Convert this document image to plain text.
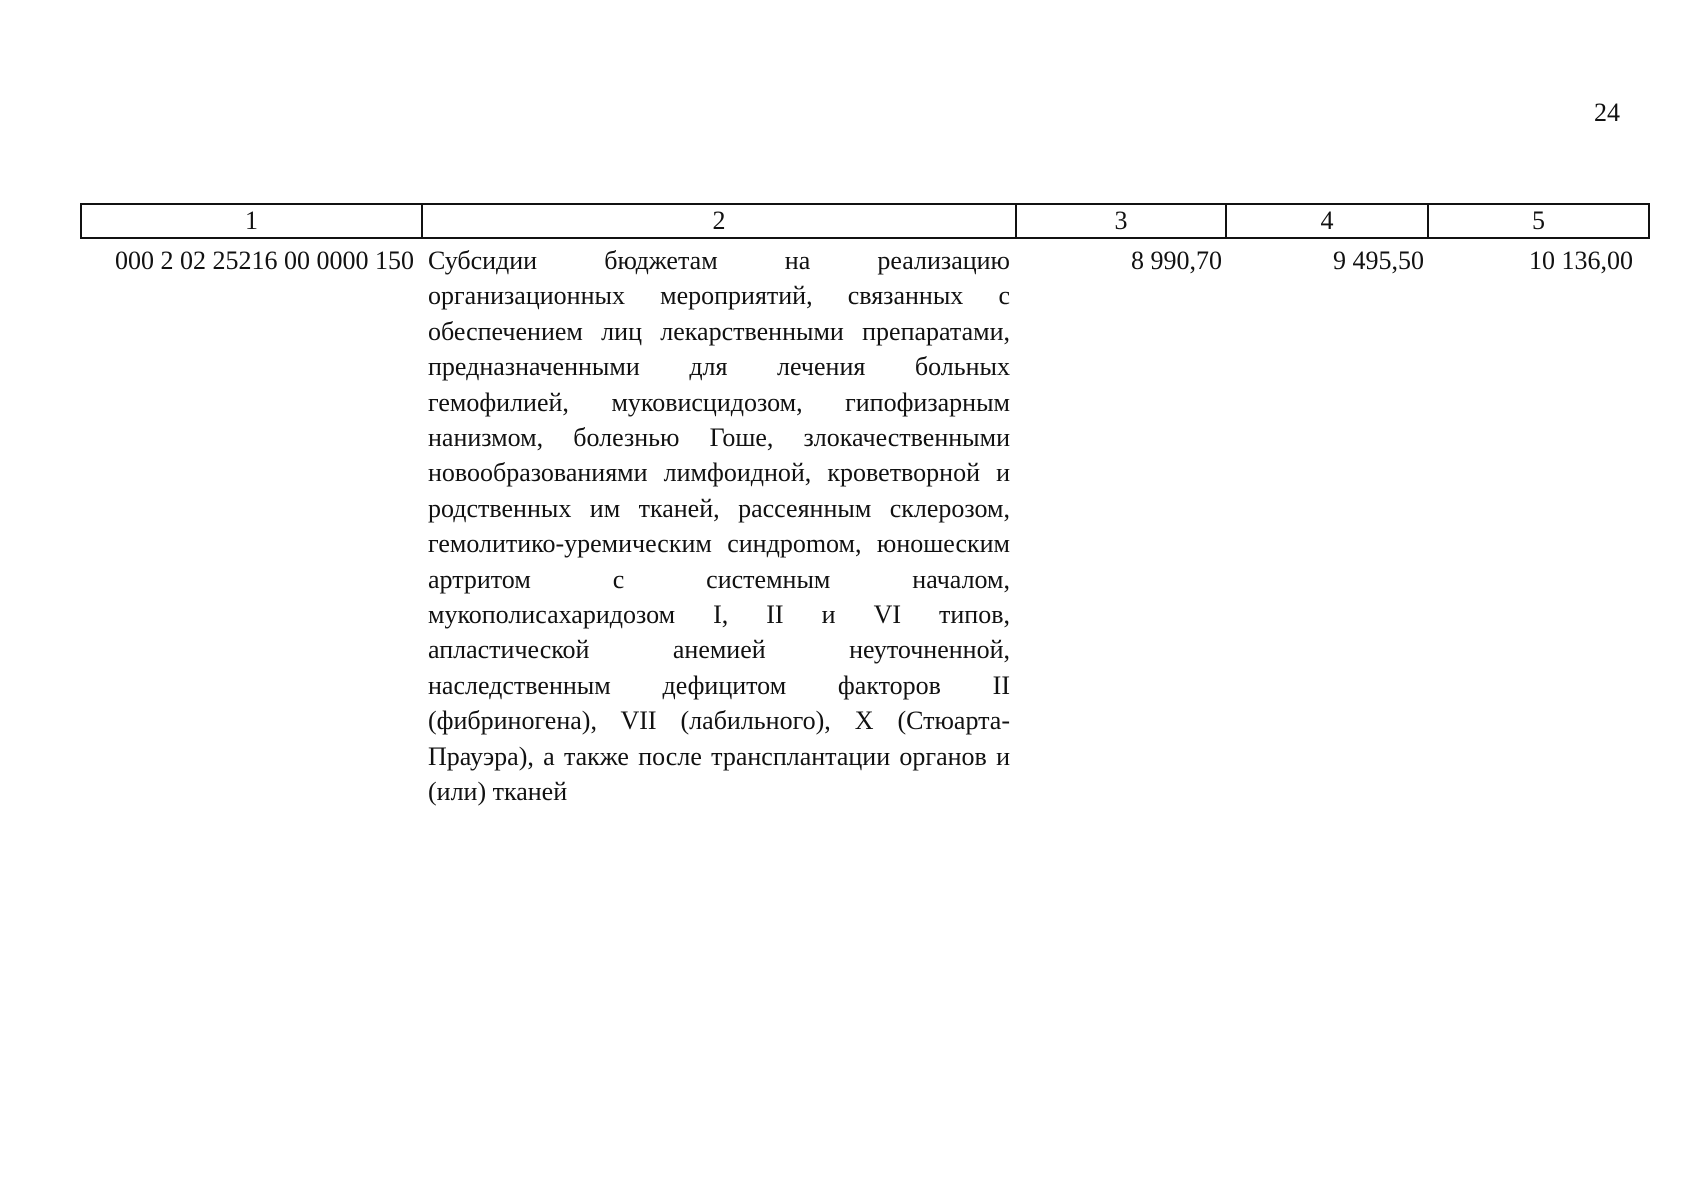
24
1	2	3	4	5
000 2 02 25216 00 0000 150	Субсидии бюджетам на реализацию организационных мероприятий, связанных с обеспечением лиц лекарственными препаратами, предназначенными для лечения больных гемофилией, муковисцидозом, гипофизарным нанизмом, болезнью Гоше, злокачественными новообразованиями лимфоидной, кроветворной и родственных им тканей, рассеянным склерозом, гемолитико-уремическим синдроmом, юношеским артритом с системным началом, мукополисахаридозом I, II и VI типов, апластической анемией неуточненной, наследственным дефицитом факторов II (фибриногена), VII (лабильного), X (Стюарта-Прауэра), а также после трансплантации органов и (или) тканей	8 990,70	9 495,50	10 136,00
